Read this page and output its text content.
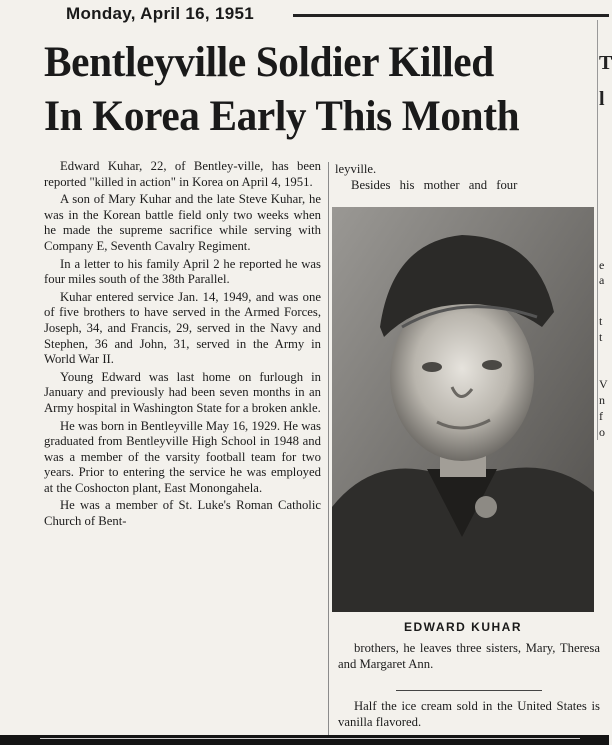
Monday, April 16, 1951
Bentleyville Soldier Killed
In Korea Early This Month

Edward Kuhar, 22, of Bentley-ville, has been reported "killed in action" in Korea on April 4, 1951.

A son of Mary Kuhar and the late Steve Kuhar, he was in the Korean battle field only two weeks when he made the supreme sacrifice while serving with Company E, Seventh Cavalry Regiment.

In a letter to his family April 2 he reported he was four miles south of the 38th Parallel.

Kuhar entered service Jan. 14, 1949, and was one of five brothers to have served in the Armed Forces, Joseph, 34, and Francis, 29, served in the Navy and Stephen, 36 and John, 31, served in the Army in World War II.

Young Edward was last home on furlough in January and previously had been seven months in an Army hospital in Washington State for a broken ankle.

He was born in Bentleyville May 16, 1929. He was graduated from Bentleyville High School in 1948 and was a member of the varsity football team for two years. Prior to entering the service he was employed at the Coshocton plant, East Monongahela.

He was a member of St. Luke's Roman Catholic Church of Bent-

leyville.
Besides his mother and four
EDWARD KUHAR

brothers, he leaves three sisters, Mary, Theresa and Margaret Ann.

Half the ice cream sold in the United States is vanilla flavored.

T
l
e
a
t
t
V
n
f
o
